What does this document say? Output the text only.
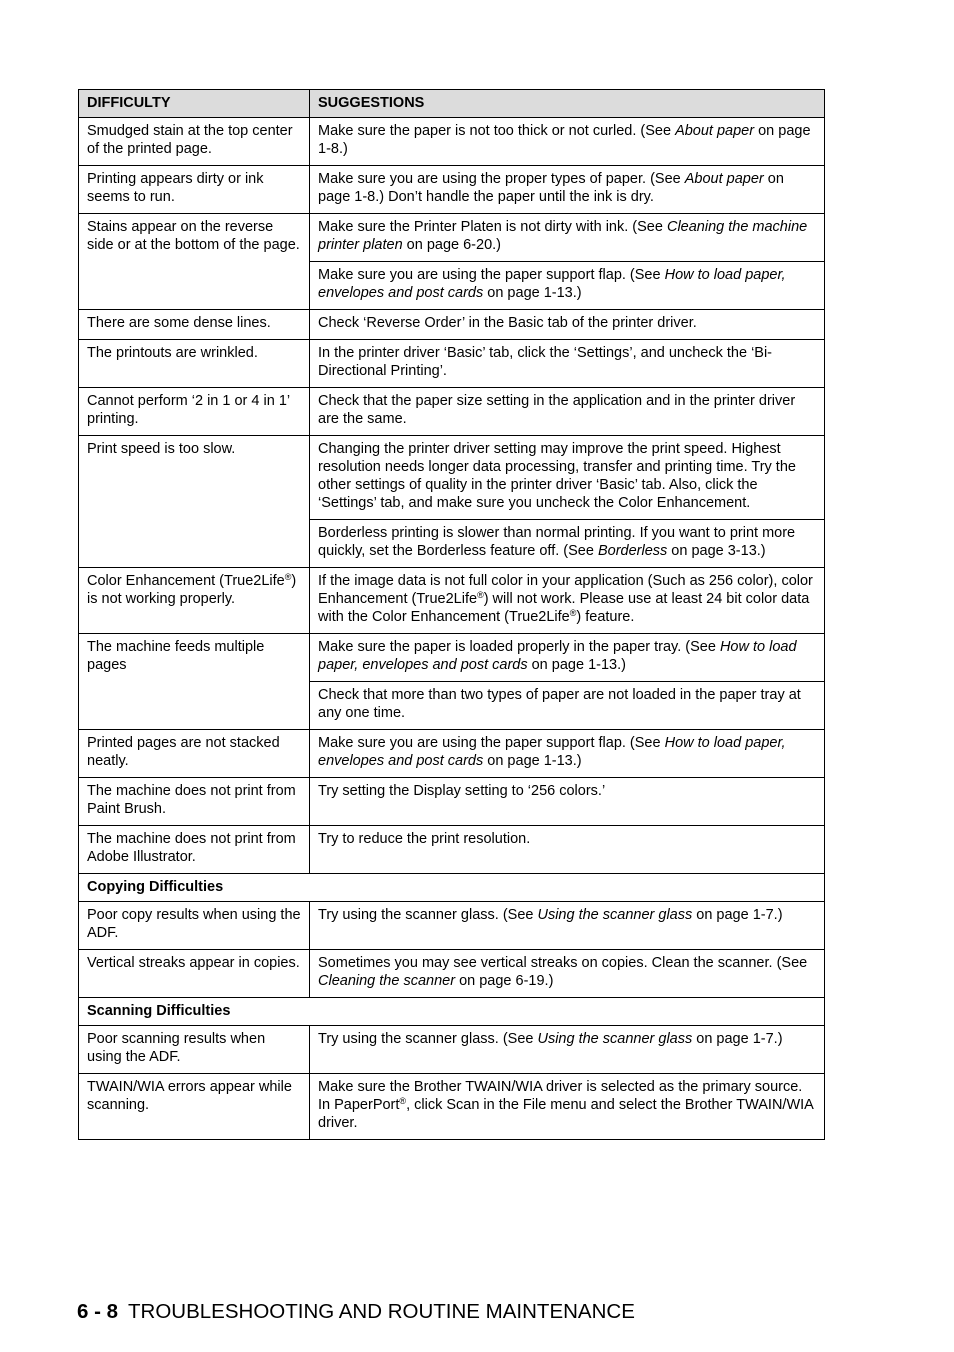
DIFFICULTY	SUGGESTIONS
Smudged stain at the top center of the printed page.	Make sure the paper is not too thick or not curled. (See About paper on page 1-8.)
Printing appears dirty or ink seems to run.	Make sure you are using the proper types of paper. (See About paper on page 1-8.) Don’t handle the paper until the ink is dry.
Stains appear on the reverse side or at the bottom of the page.	Make sure the Printer Platen is not dirty with ink. (See Cleaning the machine printer platen on page 6-20.)
	Make sure you are using the paper support flap. (See How to load paper, envelopes and post cards on page 1-13.)
There are some dense lines.	Check ‘Reverse Order’ in the Basic tab of the printer driver.
The printouts are wrinkled.	In the printer driver ‘Basic’ tab, click the ‘Settings’, and uncheck the ‘Bi-Directional Printing’.
Cannot perform ‘2 in 1 or 4 in 1’ printing.	Check that the paper size setting in the application and in the printer driver are the same.
Print speed is too slow.	Changing the printer driver setting may improve the print speed. Highest resolution needs longer data processing, transfer and printing time. Try the other settings of quality in the printer driver ‘Basic’ tab. Also, click the ‘Settings’ tab, and make sure you uncheck the Color Enhancement.
	Borderless printing is slower than normal printing. If you want to print more quickly, set the Borderless feature off. (See Borderless on page 3-13.)
Color Enhancement (True2Life®) is not working properly.	If the image data is not full color in your application (Such as 256 color), color Enhancement (True2Life®) will not work. Please use at least 24 bit color data with the Color Enhancement (True2Life®) feature.
The machine feeds multiple pages	Make sure the paper is loaded properly in the paper tray. (See How to load paper, envelopes and post cards on page 1-13.)
	Check that more than two types of paper are not loaded in the paper tray at any one time.
Printed pages are not stacked neatly.	Make sure you are using the paper support flap. (See How to load paper, envelopes and post cards on page 1-13.)
The machine does not print from Paint Brush.	Try setting the Display setting to ‘256 colors.’
The machine does not print from Adobe Illustrator.	Try to reduce the print resolution.
Copying Difficulties	
Poor copy results when using the ADF.	Try using the scanner glass. (See Using the scanner glass on page 1-7.)
Vertical streaks appear in copies.	Sometimes you may see vertical streaks on copies. Clean the scanner. (See Cleaning the scanner on page 6-19.)
Scanning Difficulties	
Poor scanning results when using the ADF.	Try using the scanner glass. (See Using the scanner glass on page 1-7.)
TWAIN/WIA errors appear while scanning.	Make sure the Brother TWAIN/WIA driver is selected as the primary source. In PaperPort®, click Scan in the File menu and select the Brother TWAIN/WIA driver.
6 - 8 TROUBLESHOOTING AND ROUTINE MAINTENANCE
